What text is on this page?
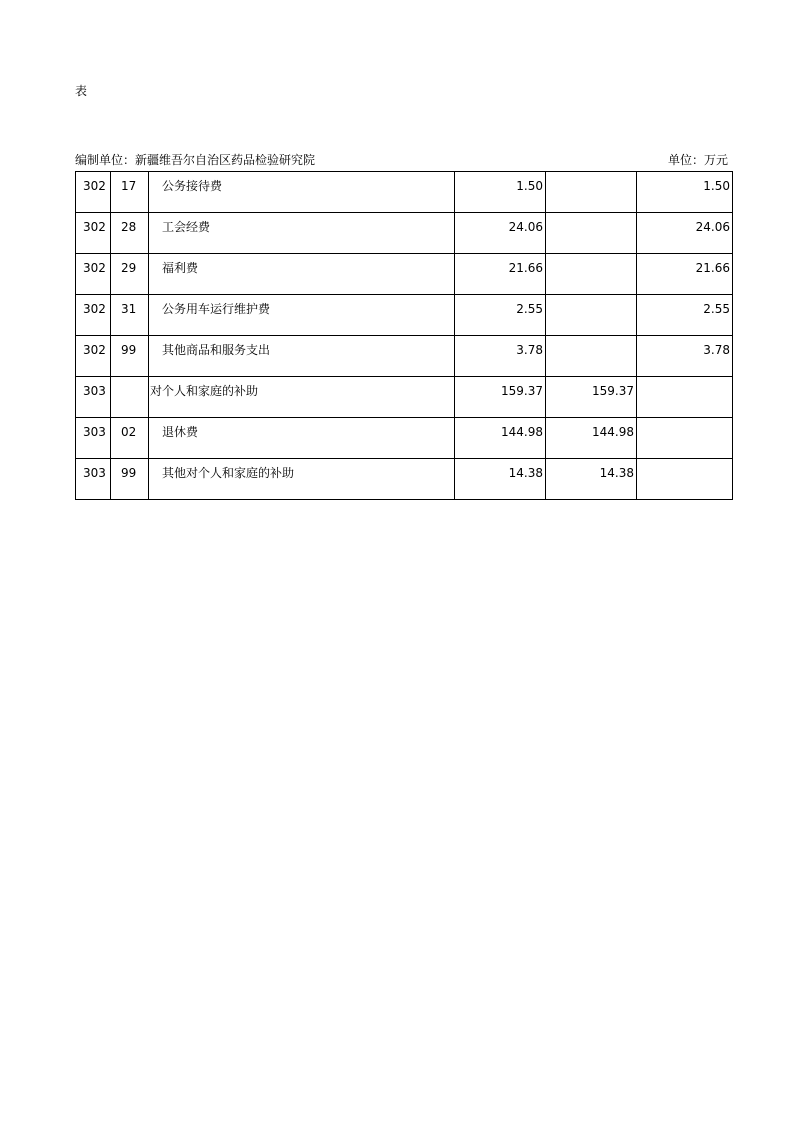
表
编制单位：新疆维吾尔自治区药品检验研究院	单位：万元
302	17	公务接待费	1.50		1.50

302	28	工会经费	24.06		24.06

302	29	福利费	21.66		21.66

302	31	公务用车运行维护费	2.55		2.55

302	99	其他商品和服务支出	3.78		3.78

303		对个人和家庭的补助	159.37	159.37	

303	02	退休费	144.98	144.98	

303	99	其他对个人和家庭的补助	14.38	14.38	
